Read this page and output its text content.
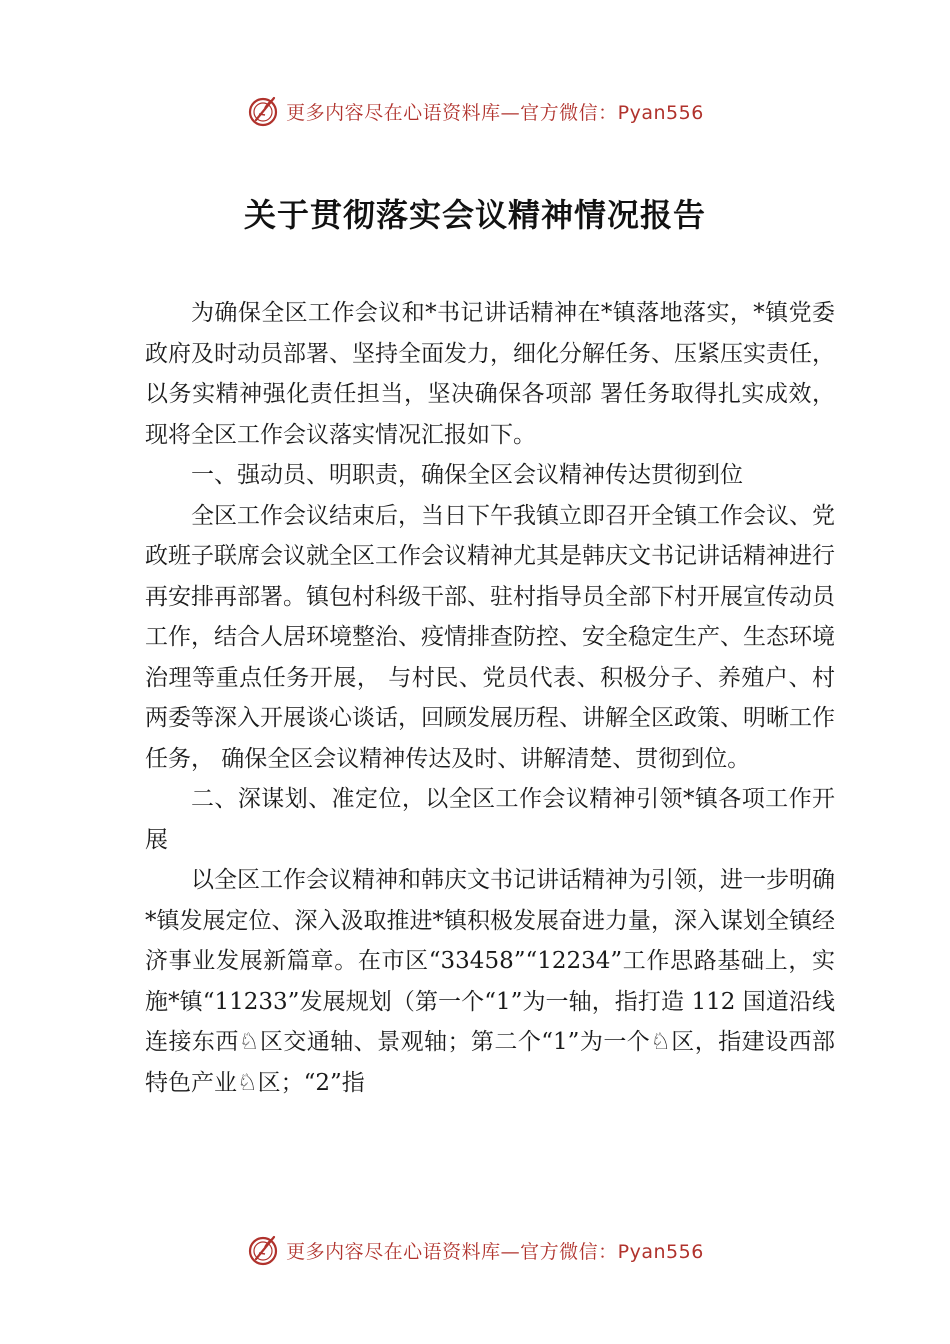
更多内容尽在心语资料库—官方微信：Pyan556
关于贯彻落实会议精神情况报告

为确保全区工作会议和*书记讲话精神在*镇落地落实，*镇党委政府及时动员部署、坚持全面发力，细化分解任务、压紧压实责任，以务实精神强化责任担当，坚决确保各项部 署任务取得扎实成效，现将全区工作会议落实情况汇报如下。

一、强动员、明职责，确保全区会议精神传达贯彻到位

全区工作会议结束后，当日下午我镇立即召开全镇工作会议、党政班子联席会议就全区工作会议精神尤其是韩庆文书记讲话精神进行再安排再部署。镇包村科级干部、驻村指导员全部下村开展宣传动员工作，结合人居环境整治、疫情排查防控、安全稳定生产、生态环境治理等重点任务开展， 与村民、党员代表、积极分子、养殖户、村两委等深入开展谈心谈话，回顾发展历程、讲解全区政策、明晰工作任务， 确保全区会议精神传达及时、讲解清楚、贯彻到位。

二、深谋划、准定位，以全区工作会议精神引领*镇各项工作开展

以全区工作会议精神和韩庆文书记讲话精神为引领，进一步明确*镇发展定位、深入汲取推进*镇积极发展奋进力量，深入谋划全镇经济事业发展新篇章。在市区“33458”“12234”工作思路基础上，实施*镇“11233”发展规划（第一个“1”为一轴，指打造 112 国道沿线连接东西♘区交通轴、景观轴；第二个“1”为一个♘区，指建设西部特色产业♘区；“2”指

更多内容尽在心语资料库—官方微信：Pyan556
